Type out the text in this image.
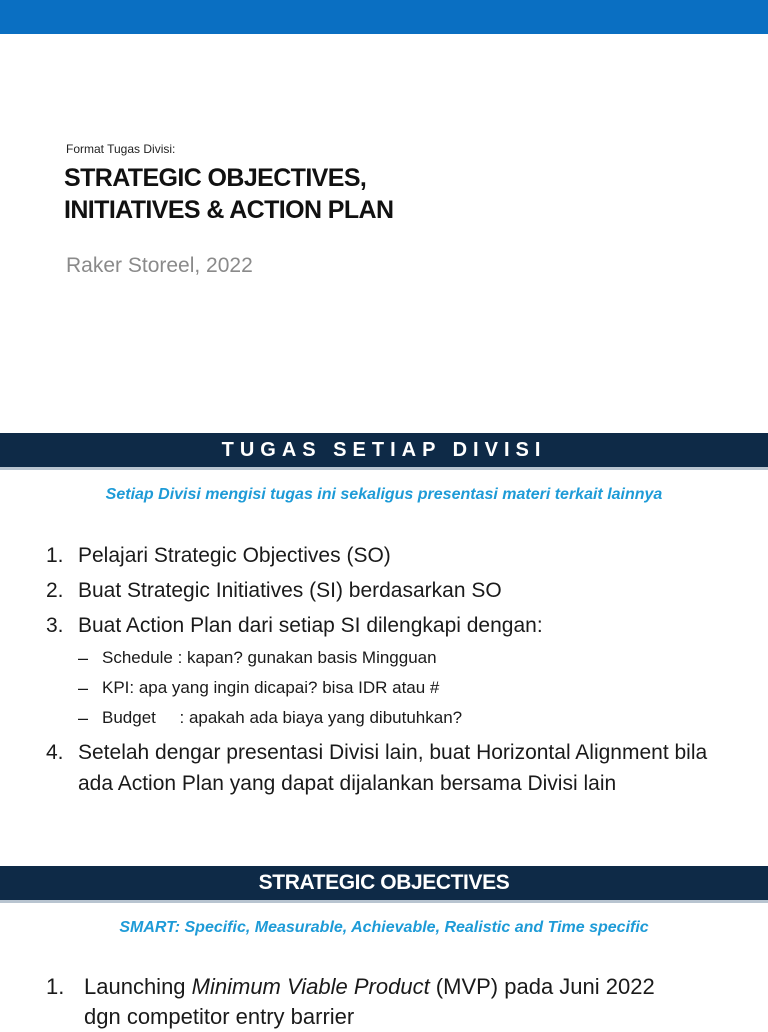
Format Tugas Divisi:
STRATEGIC OBJECTIVES,
INITIATIVES & ACTION PLAN
Raker Storeel, 2022
TUGAS SETIAP DIVISI
Setiap Divisi mengisi tugas ini sekaligus presentasi materi terkait lainnya
1. Pelajari Strategic Objectives (SO)
2. Buat Strategic Initiatives (SI) berdasarkan SO
3. Buat Action Plan dari setiap SI dilengkapi dengan:
– Schedule : kapan? gunakan basis Mingguan
– KPI: apa yang ingin dicapai? bisa IDR atau #
– Budget     : apakah ada biaya yang dibutuhkan?
4. Setelah dengar presentasi Divisi lain, buat Horizontal Alignment bila ada Action Plan yang dapat dijalankan bersama Divisi lain
STRATEGIC OBJECTIVES
SMART: Specific, Measurable, Achievable, Realistic and Time specific
1. Launching Minimum Viable Product (MVP) pada Juni 2022
dgn competitor entry barrier
